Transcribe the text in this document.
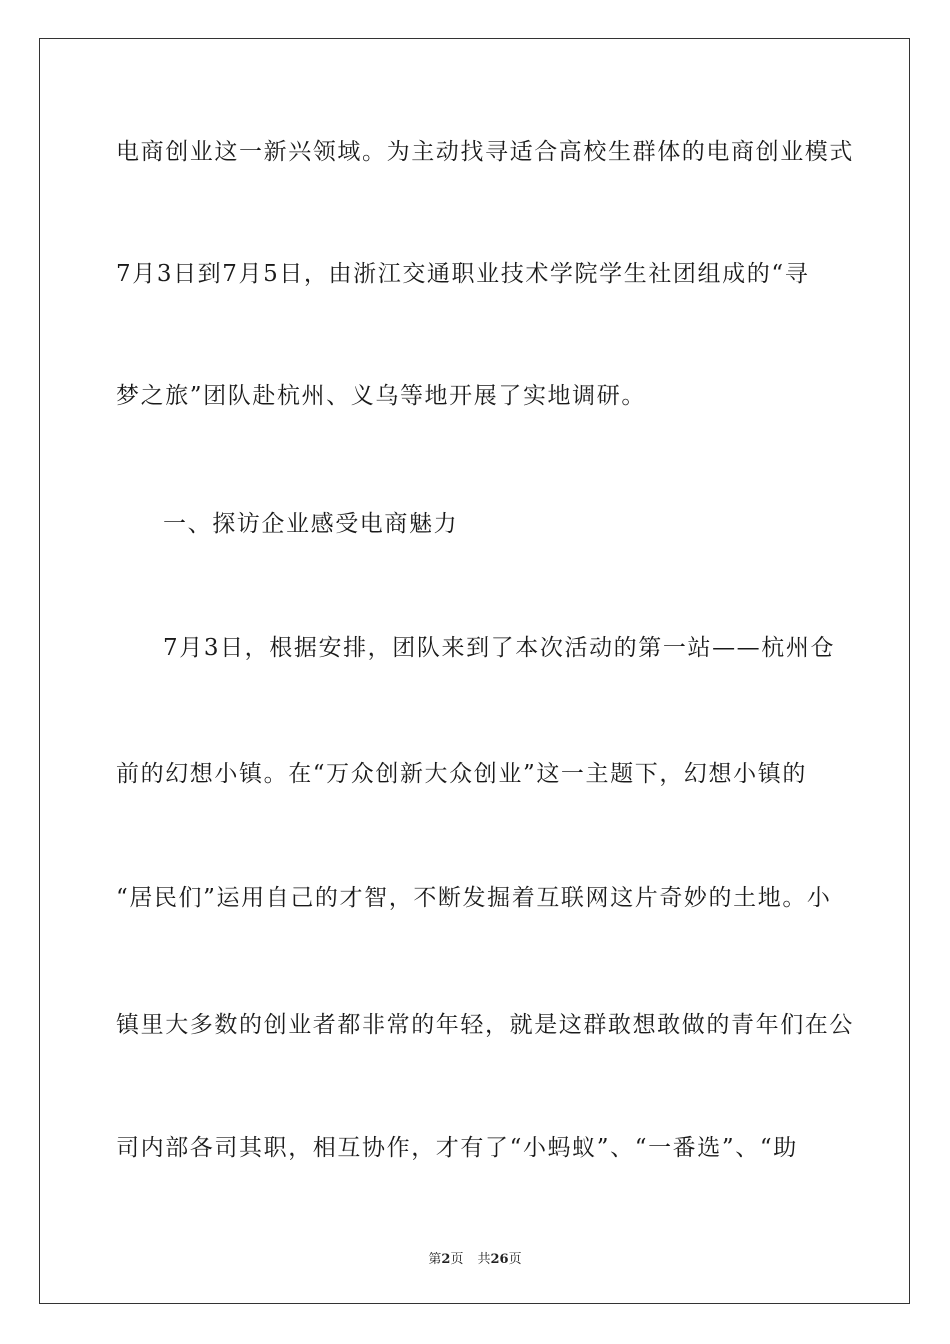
电商创业这一新兴领域。为主动找寻适合高校生群体的电商创业模式
7月3日到7月5日，由浙江交通职业技术学院学生社团组成的“寻
梦之旅”团队赴杭州、义乌等地开展了实地调研。
一、探访企业感受电商魅力
7月3日，根据安排，团队来到了本次活动的第一站——杭州仓
前的幻想小镇。在“万众创新大众创业”这一主题下，幻想小镇的
“居民们”运用自己的才智，不断发掘着互联网这片奇妙的土地。小
镇里大多数的创业者都非常的年轻，就是这群敢想敢做的青年们在公
司内部各司其职，相互协作，才有了“小蚂蚁”、“一番选”、“助
第2页 共26页
